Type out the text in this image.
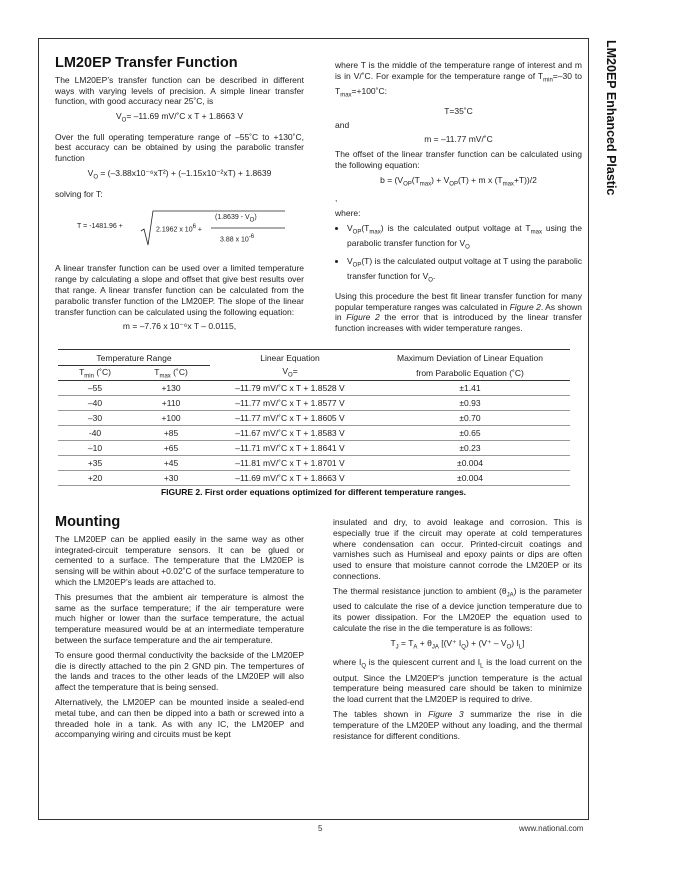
LM20EP Enhanced Plastic
LM20EP Transfer Function

The LM20EP’s transfer function can be described in different ways with varying levels of precision. A simple linear transfer function, with good accuracy near 25˚C, is

$V_O= -11.69$ mV/˚C x T + 1.8663 V

Over the full operating temperature range of –55˚C to +130˚C, best accuracy can be obtained by using the parabolic transfer function

$V_O = (-3.88x10^{-6}xT^2) + (-1.15x10^{-2}xT) + 1.8639$

solving for T:

T = -1481.96 +	2.1962 x $10^6$ +
$(1.8639 - V_O)$
3.88 x $10^{-6}$

A linear transfer function can be used over a limited temperature range by calculating a slope and offset that give best results over that range. A linear transfer function can be calculated from the parabolic transfer function of the LM20EP. The slope of the linear transfer function can be calculated using the following equation:

m = –7.76 x 10⁻⁶x T – 0.0115,

where T is the middle of the temperature range of interest and m is in V/˚C. For example for the temperature range of $T_{min}=-30$ to $T_{max}=+100˚C$:

T=35˚C

and

m = –11.77 mV/˚C

The offset of the linear transfer function can be calculated using the following equation:

$b = (V_{OP}(T_{max}) + V_{OP}(T) + m$ x $(T_{max}+T))/2$

,

where:

• $V_{OP}(T_{max})$ is the calculated output voltage at $T_{max}$ using the parabolic transfer function for $V_O$
• $V_{OP}(T)$ is the calculated output voltage at T using the parabolic transfer function for $V_O$.

Using this procedure the best fit linear transfer function for many popular temperature ranges was calculated in Figure 2. As shown in Figure 2 the error that is introduced by the linear transfer function increases with wider temperature ranges.

Temperature Range		Linear Equation	Maximum Deviation of Linear Equation
$T_{min}$ (˚C)	$T_{max}$ (˚C)	$V_O=$	from Parabolic Equation (˚C)
–55	+130	–11.79 mV/˚C x T + 1.8528 V	±1.41
–40	+110	–11.77 mV/˚C x T + 1.8577 V	±0.93
–30	+100	–11.77 mV/˚C x T + 1.8605 V	±0.70
-40	+85	–11.67 mV/˚C x T + 1.8583 V	±0.65
–10	+65	–11.71 mV/˚C x T + 1.8641 V	±0.23
+35	+45	–11.81 mV/˚C x T + 1.8701 V	±0.004
+20	+30	–11.69 mV/˚C x T + 1.8663 V	±0.004
FIGURE 2. First order equations optimized for different temperature ranges.
Mounting

The LM20EP can be applied easily in the same way as other integrated-circuit temperature sensors. It can be glued or cemented to a surface. The temperature that the LM20EP is sensing will be within about +0.02˚C of the surface temperature to which the LM20EP’s leads are attached to.

This presumes that the ambient air temperature is almost the same as the surface temperature; if the air temperature were much higher or lower than the surface temperature, the actual temperature measured would be at an intermediate temperature between the surface temperature and the air temperature.

To ensure good thermal conductivity the backside of the LM20EP die is directly attached to the pin 2 GND pin. The tempertures of the lands and traces to the other leads of the LM20EP will also affect the temperature that is being sensed.

Alternatively, the LM20EP can be mounted inside a sealed-end metal tube, and can then be dipped into a bath or screwed into a threaded hole in a tank. As with any IC, the LM20EP and accompanying wiring and circuits must be kept

insulated and dry, to avoid leakage and corrosion. This is especially true if the circuit may operate at cold temperatures where condensation can occur. Printed-circuit coatings and varnishes such as Humiseal and epoxy paints or dips are often used to ensure that moisture cannot corrode the LM20EP or its connections.

The thermal resistance junction to ambient $(\theta_{JA})$ is the parameter used to calculate the rise of a device junction temperature due to its power dissipation. For the LM20EP the equation used to calculate the rise in the die temperature is as follows:

$T_J = T_A + \theta_{JA}$ [(V⁺ $I_Q) + (V^+ - V_O)$ $I_L$]

where $I_Q$ is the quiescent current and $I_L$ is the load current on the output. Since the LM20EP’s junction temperature is the actual temperature being measured care should be taken to minimize the load current that the LM20EP is required to drive.

The tables shown in Figure 3 summarize the rise in die temperature of the LM20EP without any loading, and the thermal resistance for different conditions.

5	www.national.com
